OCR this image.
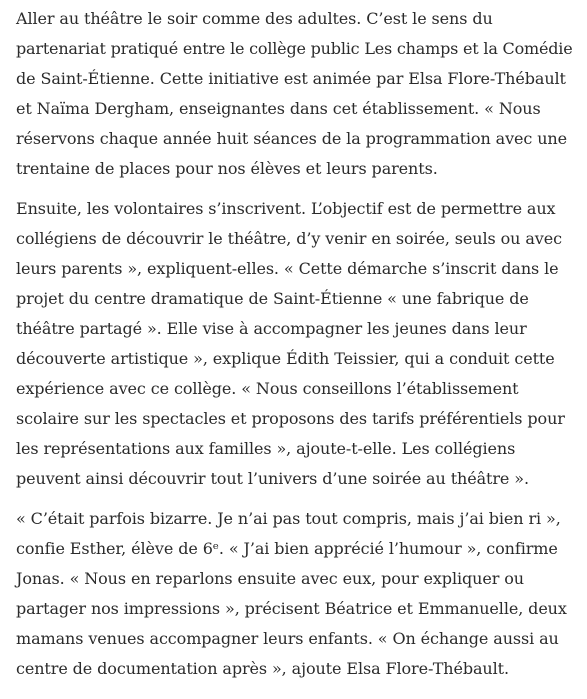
Aller au théâtre le soir comme des adultes. C’est le sens du
partenariat pratiqué entre le collège public Les champs et la Comédie
de Saint-Étienne. Cette initiative est animée par Elsa Flore-Thébault
et Naïma Dergham, enseignantes dans cet établissement. « Nous
réservons chaque année huit séances de la programmation avec une
trentaine de places pour nos élèves et leurs parents.

Ensuite, les volontaires s’inscrivent. L’objectif est de permettre aux
collégiens de découvrir le théâtre, d’y venir en soirée, seuls ou avec
leurs parents », expliquent-elles. « Cette démarche s’inscrit dans le
projet du centre dramatique de Saint-Étienne « une fabrique de
théâtre partagé ». Elle vise à accompagner les jeunes dans leur
découverte artistique », explique Édith Teissier, qui a conduit cette
expérience avec ce collège. « Nous conseillons l’établissement
scolaire sur les spectacles et proposons des tarifs préférentiels pour
les représentations aux familles », ajoute-t-elle. Les collégiens
peuvent ainsi découvrir tout l’univers d’une soirée au théâtre ».

« C’était parfois bizarre. Je n’ai pas tout compris, mais j’ai bien ri »,
confie Esther, élève de 6ᵉ. « J’ai bien apprécié l’humour », confirme
Jonas. « Nous en reparlons ensuite avec eux, pour expliquer ou
partager nos impressions », précisent Béatrice et Emmanuelle, deux
mamans venues accompagner leurs enfants. « On échange aussi au
centre de documentation après », ajoute Elsa Flore-Thébault.
